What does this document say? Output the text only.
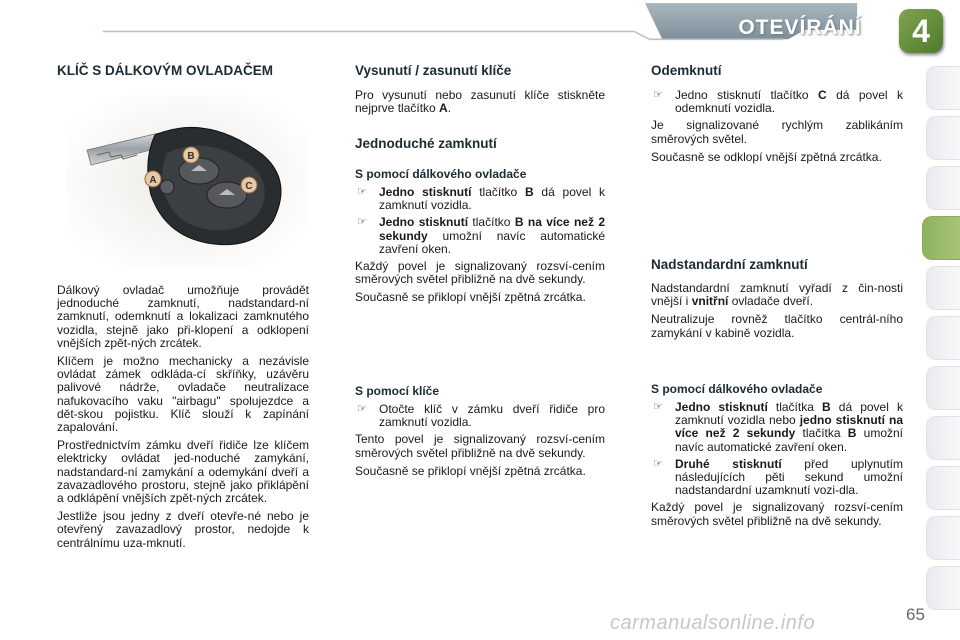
OTEVÍRÁNÍ	4
KLÍČ S DÁLKOVÝM OVLADAČEM
A
B
C

Dálkový ovladač umožňuje provádět jednoduché zamknutí, nadstandard-ní zamknutí, odemknutí a lokalizaci zamknutého vozidla, stejně jako při-klopení a odklopení vnějších zpět-ných zrcátek.

Klíčem je možno mechanicky a nezávisle ovládat zámek odkláda-cí skříňky, uzávěru palivové nádrže, ovladače neutralizace nafukovacího vaku "airbagu" spolujezdce a dět-skou pojistku. Klíč slouží k zapínání zapalování.

Prostřednictvím zámku dveří řidiče lze klíčem elektricky ovládat jed-noduché zamykání, nadstandard-ní zamykání a odemykání dveří a zavazadlového prostoru, stejně jako přiklápění a odklápění vnějších zpět-ných zrcátek.

Jestliže jsou jedny z dveří otevře-né nebo je otevřený zavazadlový prostor, nedojde k centrálnímu uza-mknutí.

Vysunutí / zasunutí klíče

Pro vysunutí nebo zasunutí klíče stiskněte nejprve tlačítko A.

Jednoduché zamknutí
S pomocí dálkového ovladače
☞ Jedno stisknutí tlačítko B dá povel k zamknutí vozidla.
☞ Jedno stisknutí tlačítko B na více než 2 sekundy umožní navíc automatické zavření oken.

Každý povel je signalizovaný rozsví-cením směrových světel přibližně na dvě sekundy.

Současně se přiklopí vnější zpětná zrcátka.

S pomocí klíče
☞ Otočte klíč v zámku dveří řidiče pro zamknutí vozidla.

Tento povel je signalizovaný rozsví-cením směrových světel přibližně na dvě sekundy.

Současně se přiklopí vnější zpětná zrcátka.

Odemknutí
☞ Jedno stisknutí tlačítko C dá povel k odemknutí vozidla.

Je signalizované rychlým zablikáním směrových světel.

Současně se odklopí vnější zpětná zrcátka.

Nadstandardní zamknutí

Nadstandardní zamknutí vyřadí z čin-nosti vnější i vnitřní ovladače dveří.

Neutralizuje rovněž tlačítko centrál-ního zamykání v kabině vozidla.

S pomocí dálkového ovladače
☞ Jedno stisknutí tlačítka B dá povel k zamknutí vozidla nebo jedno stisknutí na více než 2 sekundy tlačítka B umožní navíc automatické zavření oken.
☞ Druhé stisknutí před uplynutím následujících pěti sekund umožní nadstandardní uzamknutí vozi-dla.

Každý povel je signalizovaný rozsví-cením směrových světel přibližně na dvě sekundy.

carmanualsonline.info	65
